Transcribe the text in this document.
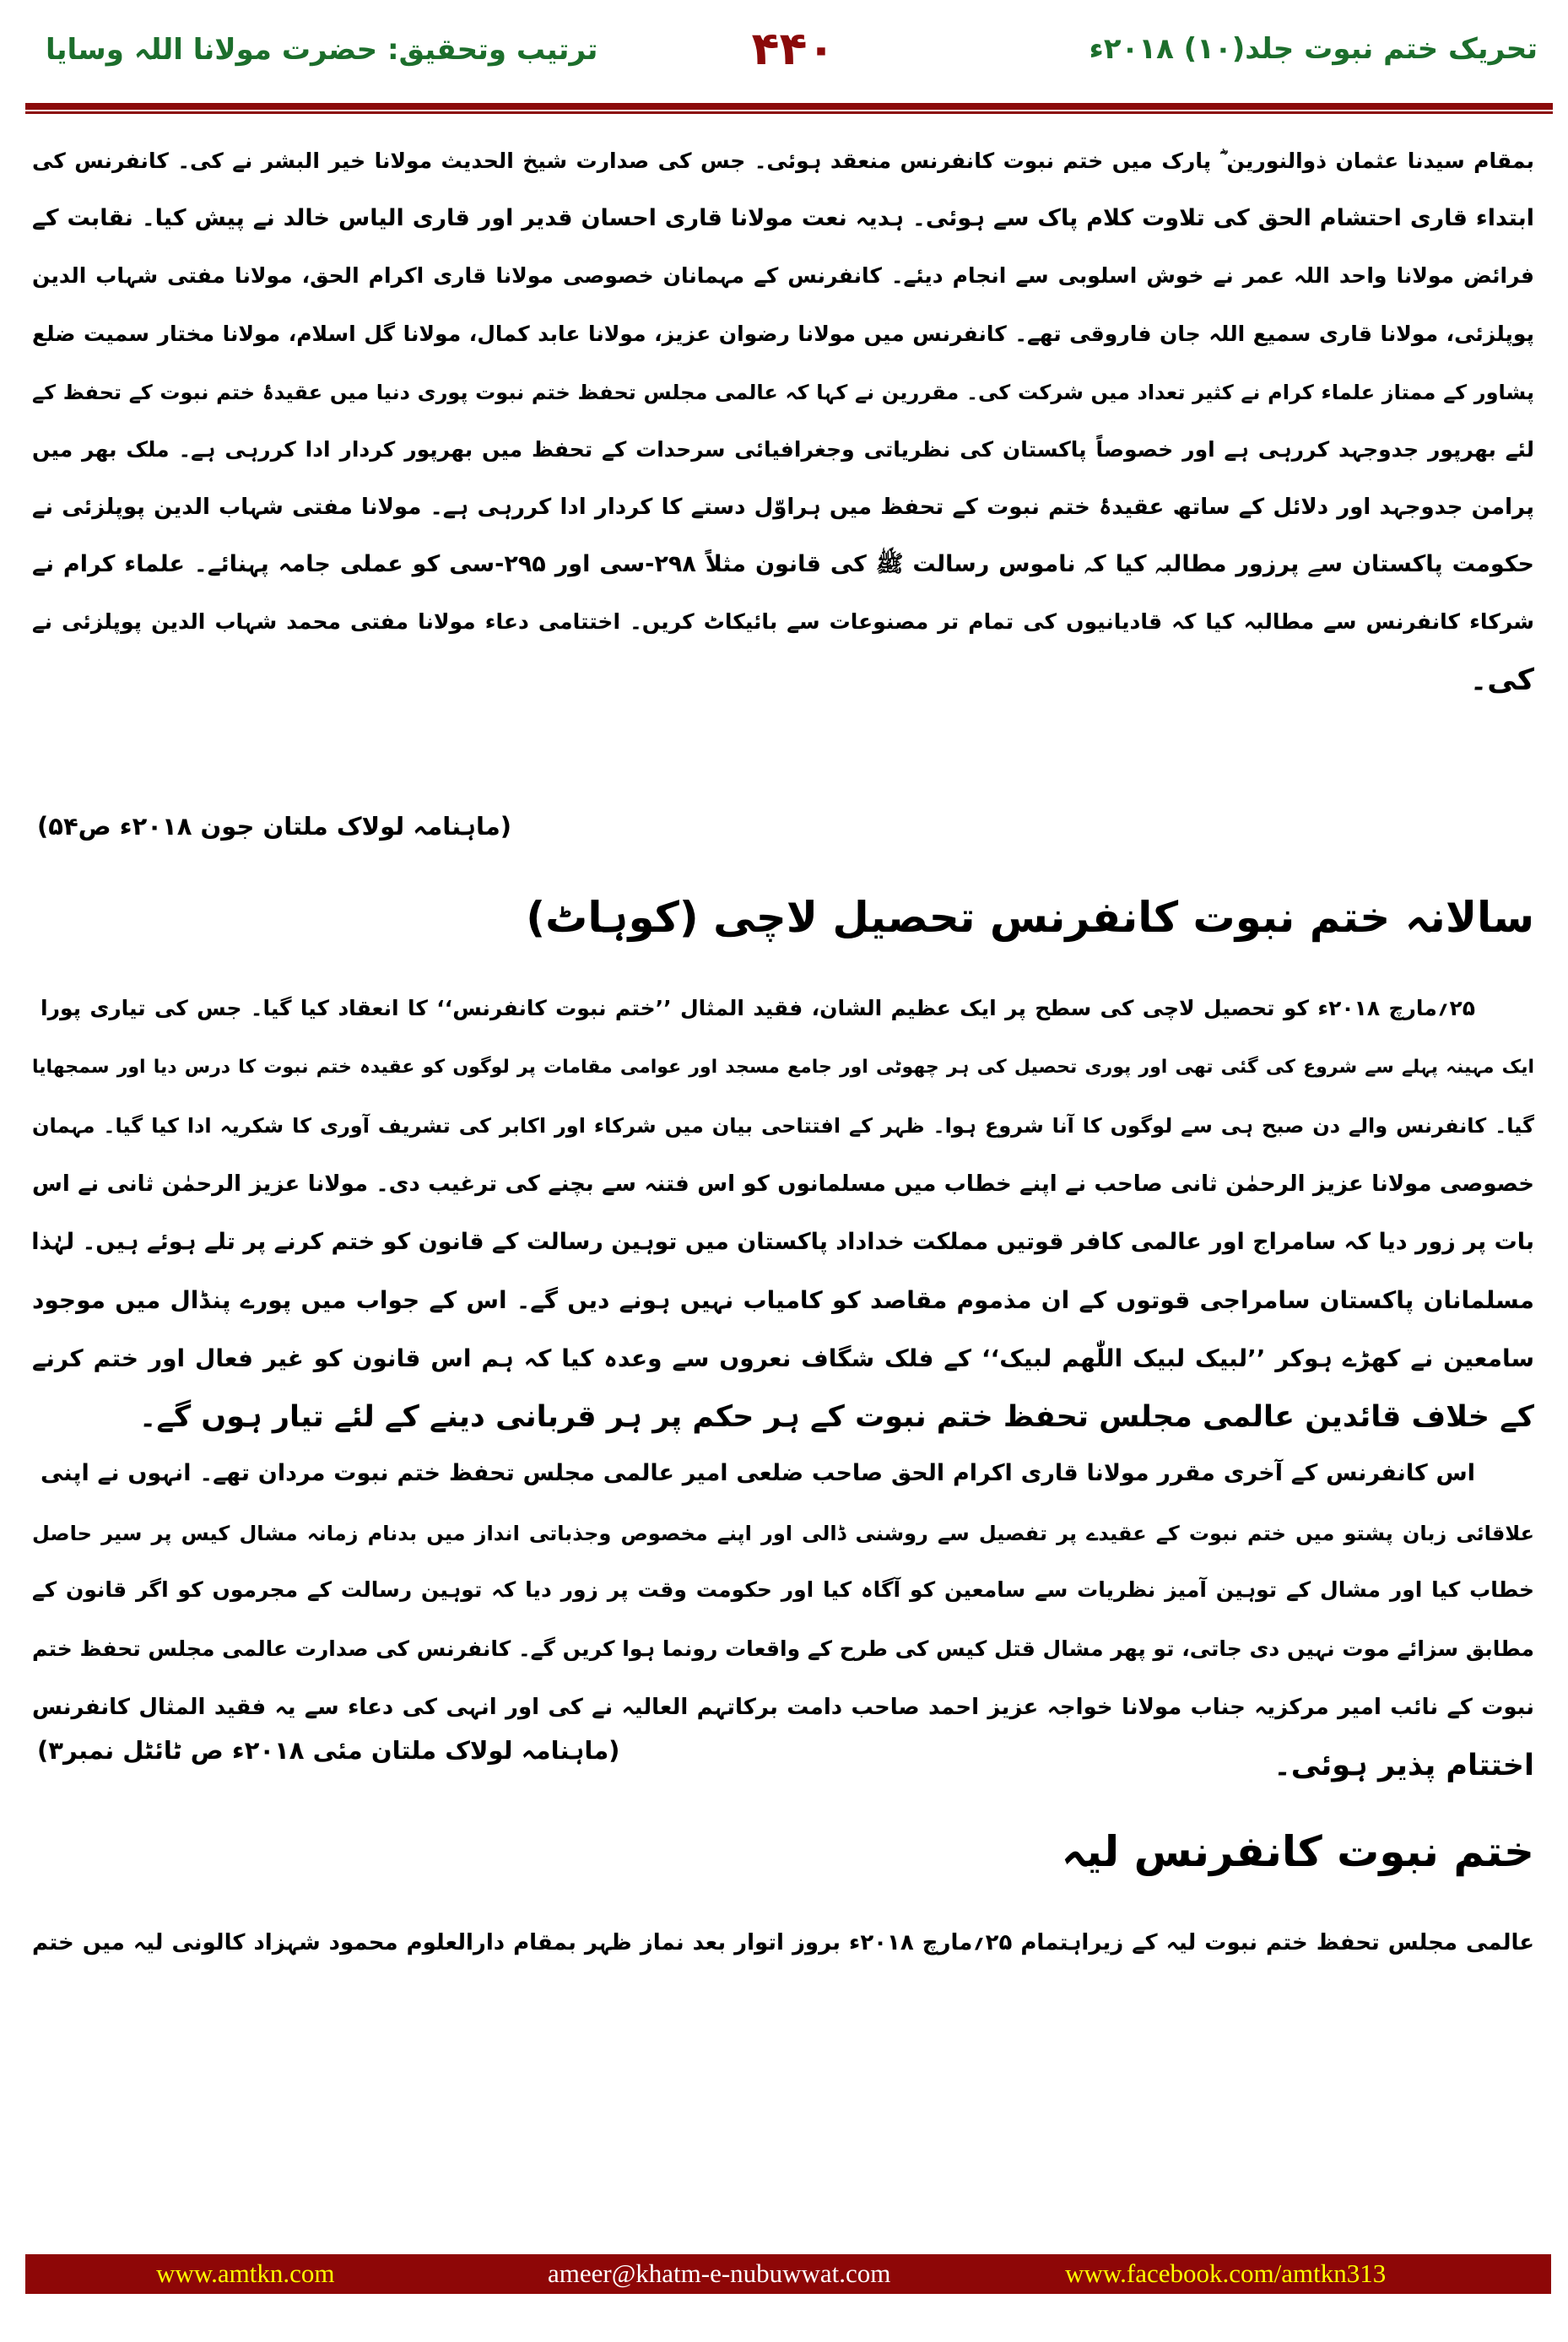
تحریک ختم نبوت جلد(۱۰) ۲۰۱۸ء
۴۴۰
ترتیب وتحقیق: حضرت مولانا اللہ وسایا
بمقام سیدنا عثمان ذوالنورین ؓ پارک میں ختم نبوت کانفرنس منعقد ہوئی۔ جس کی صدارت شیخ الحدیث مولانا خیر البشر نے کی۔ کانفرنس کی
ابتداء قاری احتشام الحق کی تلاوت کلام پاک سے ہوئی۔ ہدیہ نعت مولانا قاری احسان قدیر اور قاری الیاس خالد نے پیش کیا۔ نقابت کے
فرائض مولانا واحد اللہ عمر نے خوش اسلوبی سے انجام دیئے۔ کانفرنس کے مہمانان خصوصی مولانا قاری اکرام الحق، مولانا مفتی شہاب الدین
پوپلزئی، مولانا قاری سمیع اللہ جان فاروقی تھے۔ کانفرنس میں مولانا رضوان عزیز، مولانا عابد کمال، مولانا گل اسلام، مولانا مختار سمیت ضلع
پشاور کے ممتاز علماء کرام نے کثیر تعداد میں شرکت کی۔ مقررین نے کہا کہ عالمی مجلس تحفظ ختم نبوت پوری دنیا میں عقیدۂ ختم نبوت کے تحفظ کے
لئے بھرپور جدوجہد کررہی ہے اور خصوصاً پاکستان کی نظریاتی وجغرافیائی سرحدات کے تحفظ میں بھرپور کردار ادا کررہی ہے۔ ملک بھر میں
پرامن جدوجہد اور دلائل کے ساتھ عقیدۂ ختم نبوت کے تحفظ میں ہراوّل دستے کا کردار ادا کررہی ہے۔ مولانا مفتی شہاب الدین پوپلزئی نے
حکومت پاکستان سے پرزور مطالبہ کیا کہ ناموس رسالت ﷺ کی قانون مثلاً ۲۹۸-سی اور ۲۹۵-سی کو عملی جامہ پہنائے۔ علماء کرام نے
شرکاء کانفرنس سے مطالبہ کیا کہ قادیانیوں کی تمام تر مصنوعات سے بائیکاٹ کریں۔ اختتامی دعاء مولانا مفتی محمد شہاب الدین پوپلزئی نے
کی۔
(ماہنامہ لولاک ملتان جون ۲۰۱۸ء ص۵۴)
سالانہ ختم نبوت کانفرنس تحصیل لاچی (کوہاٹ)
۲۵؍مارچ ۲۰۱۸ء کو تحصیل لاچی کی سطح پر ایک عظیم الشان، فقید المثال ’’ختم نبوت کانفرنس‘‘ کا انعقاد کیا گیا۔ جس کی تیاری پورا
ایک مہینہ پہلے سے شروع کی گئی تھی اور پوری تحصیل کی ہر چھوٹی اور جامع مسجد اور عوامی مقامات پر لوگوں کو عقیدہ ختم نبوت کا درس دیا اور سمجھایا
گیا۔ کانفرنس والے دن صبح ہی سے لوگوں کا آنا شروع ہوا۔ ظہر کے افتتاحی بیان میں شرکاء اور اکابر کی تشریف آوری کا شکریہ ادا کیا گیا۔ مہمان
خصوصی مولانا عزیز الرحمٰن ثانی صاحب نے اپنے خطاب میں مسلمانوں کو اس فتنہ سے بچنے کی ترغیب دی۔ مولانا عزیز الرحمٰن ثانی نے اس
بات پر زور دیا کہ سامراج اور عالمی کافر قوتیں مملکت خداداد پاکستان میں توہین رسالت کے قانون کو ختم کرنے پر تلے ہوئے ہیں۔ لہٰذا
مسلمانان پاکستان سامراجی قوتوں کے ان مذموم مقاصد کو کامیاب نہیں ہونے دیں گے۔ اس کے جواب میں پورے پنڈال میں موجود
سامعین نے کھڑے ہوکر ’’لبیک لبیک اللّٰھم لبیک‘‘ کے فلک شگاف نعروں سے وعدہ کیا کہ ہم اس قانون کو غیر فعال اور ختم کرنے
کے خلاف قائدین عالمی مجلس تحفظ ختم نبوت کے ہر حکم پر ہر قربانی دینے کے لئے تیار ہوں گے۔
اس کانفرنس کے آخری مقرر مولانا قاری اکرام الحق صاحب ضلعی امیر عالمی مجلس تحفظ ختم نبوت مردان تھے۔ انہوں نے اپنی
علاقائی زبان پشتو میں ختم نبوت کے عقیدے پر تفصیل سے روشنی ڈالی اور اپنے مخصوص وجذباتی انداز میں بدنام زمانہ مشال کیس پر سیر حاصل
خطاب کیا اور مشال کے توہین آمیز نظریات سے سامعین کو آگاہ کیا اور حکومت وقت پر زور دیا کہ توہین رسالت کے مجرموں کو اگر قانون کے
مطابق سزائے موت نہیں دی جاتی، تو پھر مشال قتل کیس کی طرح کے واقعات رونما ہوا کریں گے۔ کانفرنس کی صدارت عالمی مجلس تحفظ ختم
نبوت کے نائب امیر مرکزیہ جناب مولانا خواجہ عزیز احمد صاحب دامت برکاتہم العالیہ نے کی اور انہی کی دعاء سے یہ فقید المثال کانفرنس
اختتام پذیر ہوئی۔
(ماہنامہ لولاک ملتان مئی ۲۰۱۸ء ص ٹائٹل نمبر۳)
ختم نبوت کانفرنس لیہ
عالمی مجلس تحفظ ختم نبوت لیہ کے زیراہتمام ۲۵؍مارچ ۲۰۱۸ء بروز اتوار بعد نماز ظہر بمقام دارالعلوم محمود شہزاد کالونی لیہ میں ختم
www.amtkn.com	ameer@khatm-e-nubuwwat.com	www.facebook.com/amtkn313
